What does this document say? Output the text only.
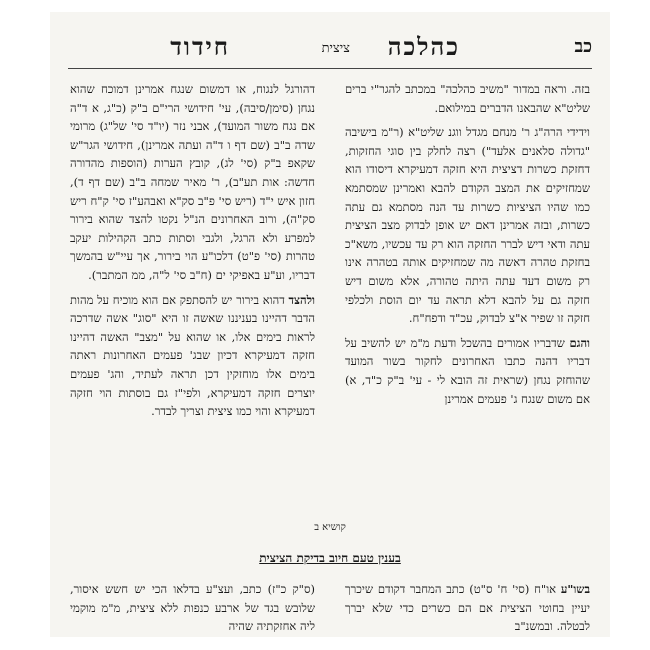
כב
חידוד	ציצית כהלכה

בזה. וראה במדור "משיב כהלכה" במכתב להגר"י ברים שליט"א שהבאנו הדברים במילואם.

וידידי הרה"ג ר' מנחם מגדל ווגנ שליט"א (ר"מ בישיבה "גדולה סלאנים אלעד") רצה לחלק בין סוגי החזקות, דחזקת כשרות דציצית היא חזקה דמעיקרא דיסודו הוא שמחזיקים את המצב הקודם להבא ואמרינן שמסתמא כמו שהיו הציציות כשרות עד הנה מסתמא גם עתה כשרות, ובזה אמרינן דאם יש אופן לבדוק מצב הציצית עתה ודאי דיש לברר החזקה הוא רק עד עכשיו, משא"כ בחזקת טהרה דאשה מה שמחזיקים אותה בטהרה אינו רק משום דעד עתה היתה טהורה, אלא משום דיש חזקה גם על להבא דלא תראה עד יום הוסת ולכלפי חזקה זו שפיר א"צ לבדוק, עכ"ד ודפח"ח.

והגם שדבריו אמורים בהשכל ודעת מ"מ יש להשיב על דבריו דהנה כתבו האחרונים לחקור בשור המועד שהוחזק נגחן (שראית זה הובא לי - עי' ב"ק כ"ד, א) אם משום שנגח ג' פעמים אמרינן

דהורגל לנגוח, או דמשום שנגח אמרינן דמוכח שהוא נגחן (סימן/סיבה), עי' חידושי הרי"ם ב"ק (כ"ג, א ד"ה אם נגח משור המועד), אבני נזר (יו"ד סי' של"ג) מרומי שדה ב"ב (שם דף ו ד"ה ועתה אמרינן), חידושי הגר"ש שקאפ ב"ק (סי' לג), קובץ הערות (הוספות מהדורה חדשה: אות תע"ב), ר' מאיר שמחה ב"ב (שם דף ד), חזון איש י"ד (ריש סי' פ"ב סק"א ואבהע"ז סי' ק"ח ריש סק"ה), ורוב האחרונים הנ"ל נקטו להצד שהוא בירור למפרע ולא הרגל, ולגבי וסתות כתב הקהילות יעקב טהרות (סי' פ"ט) דלכו"ע הוי בירור, אך עיי"ש בהמשך דבריו, וע"ע באפיקי ים (ח"ב סי' ל"ה, ממ המתבר).

ולהצד דהוא בירור יש להסתפק אם הוא מוכיח על מהות הדבר דהיינו בעניננו שאשה זו היא "סוג" אשה שדרכה לראות בימים אלו, או שהוא על "מצב" האשה דהיינו חזקה דמעיקרא דכיון שבג' פעמים האחרונות ראתה בימים אלו מוחזקין דכן תראה לעתיד, והג' פעמים יוצרים חזקה דמעיקרא, ולפי"ז גם בוסתות הוי חזקה דמעיקרא והוי כמו ציצית וצריך לבדר.

קושיא ב
בענין טעם חיוב בדיקת הציצית

בשו"ע או"ח (סי' ח' ס"ט) כתב המחבר דקודם שיכרך יעיין בחוטי הציצית אם הם כשרים כדי שלא יברך לבטלה. ובמשנ"ב

(ס"ק כ"ז) כתב, ועצ"ע בדלאו הכי יש חשש איסור, שלובש בגד של ארבע כנפות ללא ציצית, מ"מ מוקמי ליה אחזקתיה שהיה
